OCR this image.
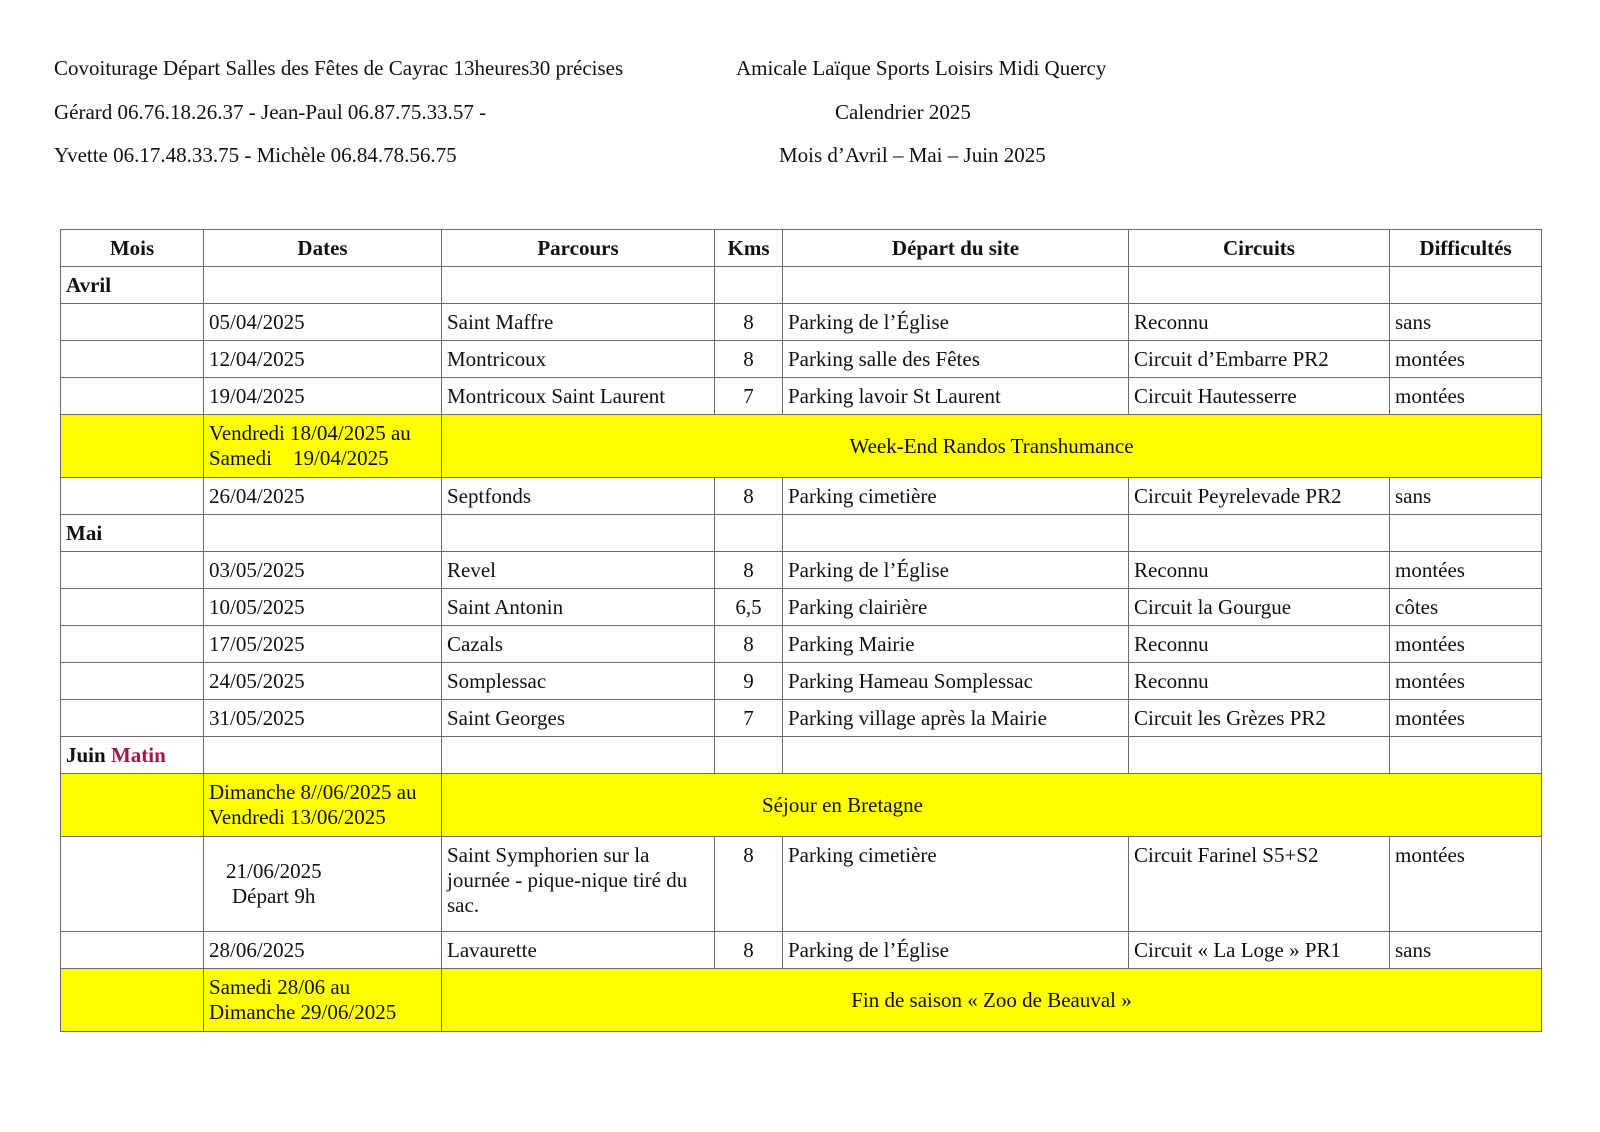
Covoiturage Départ Salles des Fêtes de Cayrac 13heures30 précises
Gérard 06.76.18.26.37 - Jean-Paul 06.87.75.33.57 -
Yvette 06.17.48.33.75 - Michèle 06.84.78.56.75
Amicale Laïque Sports Loisirs Midi Quercy
Calendrier 2025
Mois d’Avril – Mai – Juin 2025
Mois	Dates	Parcours	Kms	Départ du site	Circuits	Difficultés
Avril						
	05/04/2025	Saint Maffre	8	Parking de l’Église	Reconnu	sans
	12/04/2025	Montricoux	8	Parking salle des Fêtes	Circuit d’Embarre PR2	montées
	19/04/2025	Montricoux Saint Laurent	7	Parking lavoir St Laurent	Circuit Hautesserre	montées

	Vendredi 18/04/2025 au
Samedi    19/04/2025	Week-End Randos Transhumance				
	26/04/2025	Septfonds	8	Parking cimetière	Circuit Peyrelevade PR2	sans
Mai						
	03/05/2025	Revel	8	Parking de l’Église	Reconnu	montées
	10/05/2025	Saint Antonin	6,5	Parking clairière	Circuit la Gourgue	côtes
	17/05/2025	Cazals	8	Parking Mairie	Reconnu	montées
	24/05/2025	Somplessac	9	Parking Hameau Somplessac	Reconnu	montées
	31/05/2025	Saint Georges	7	Parking village après la Mairie	Circuit les Grèzes PR2	montées
Juin Matin						

	Dimanche 8//06/2025 au
Vendredi 13/06/2025	Séjour en Bretagne				

	21/06/2025
Départ 9h	Saint Symphorien sur la journée - pique-nique tiré du sac.	8	Parking cimetière	Circuit Farinel S5+S2	montées
	28/06/2025	Lavaurette	8	Parking de l’Église	Circuit « La Loge » PR1	sans

	Samedi 28/06 au
Dimanche 29/06/2025	Fin de saison « Zoo de Beauval »				
